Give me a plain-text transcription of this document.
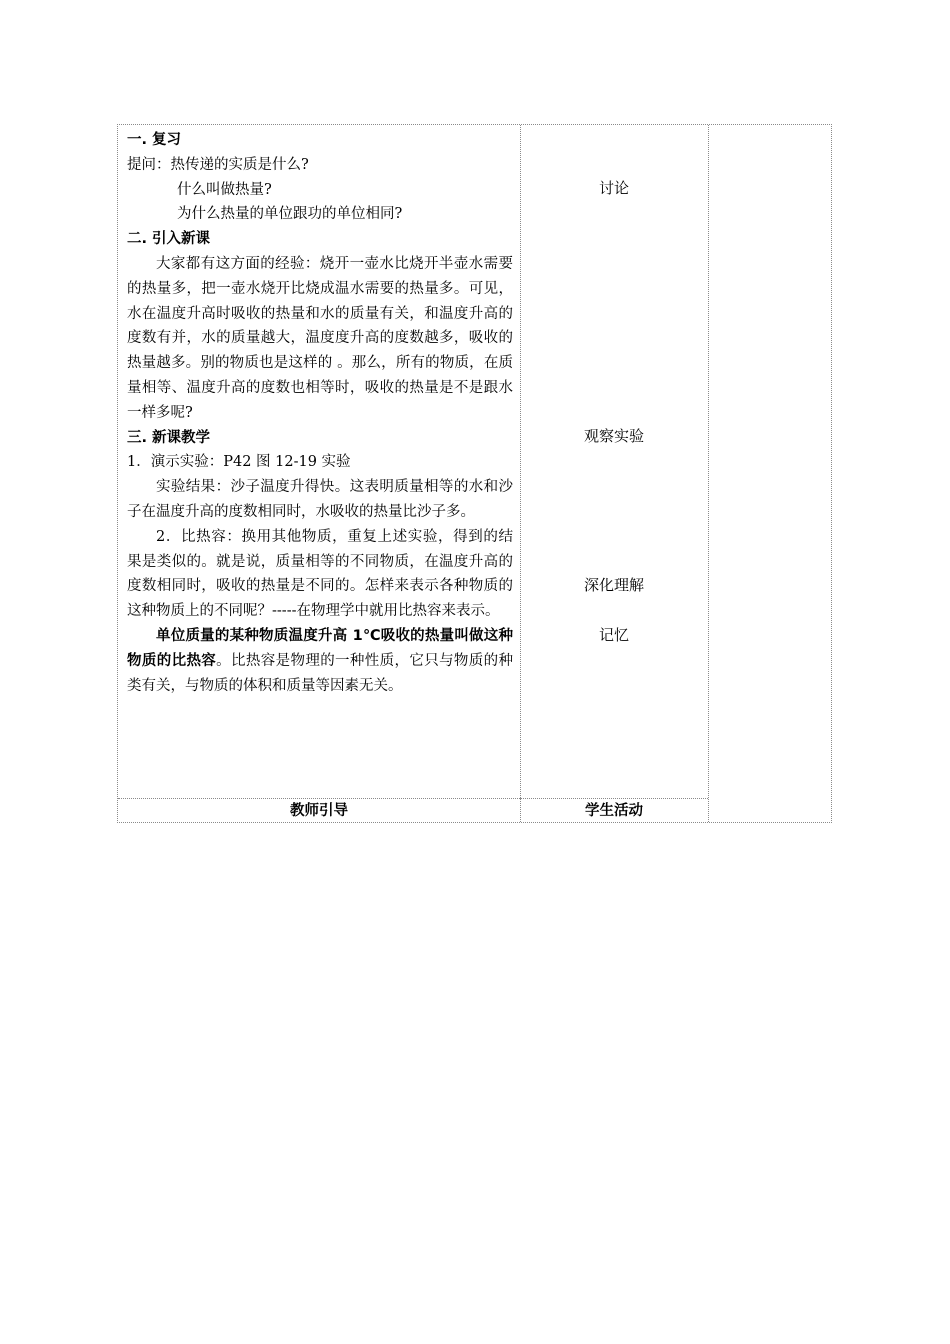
一. 复习

提问：热传递的实质是什么?

什么叫做热量?

为什么热量的单位跟功的单位相同?

二. 引入新课

大家都有这方面的经验：烧开一壶水比烧开半壶水需要的热量多，把一壶水烧开比烧成温水需要的热量多。可见，水在温度升高时吸收的热量和水的质量有关，和温度升高的度数有并，水的质量越大，温度度升高的度数越多，吸收的热量越多。别的物质也是这样的 。那么，所有的物质，在质量相等、温度升高的度数也相等时，吸收的热量是不是跟水一样多呢?

三. 新课教学

1．演示实验：P42 图 12-19 实验

实验结果：沙子温度升得快。这表明质量相等的水和沙子在温度升高的度数相同时，水吸收的热量比沙子多。

2．比热容：换用其他物质，重复上述实验，得到的结果是类似的。就是说，质量相等的不同物质，在温度升高的度数相同时，吸收的热量是不同的。怎样来表示各种物质的这种物质上的不同呢？-----在物理学中就用比热容来表示。

单位质量的某种物质温度升高 1℃吸收的热量叫做这种物质的比热容。比热容是物理的一种性质，它只与物质的种类有关，与物质的体积和质量等因素无关。

讨论
观察实验
深化理解
记忆
教师引导	学生活动
